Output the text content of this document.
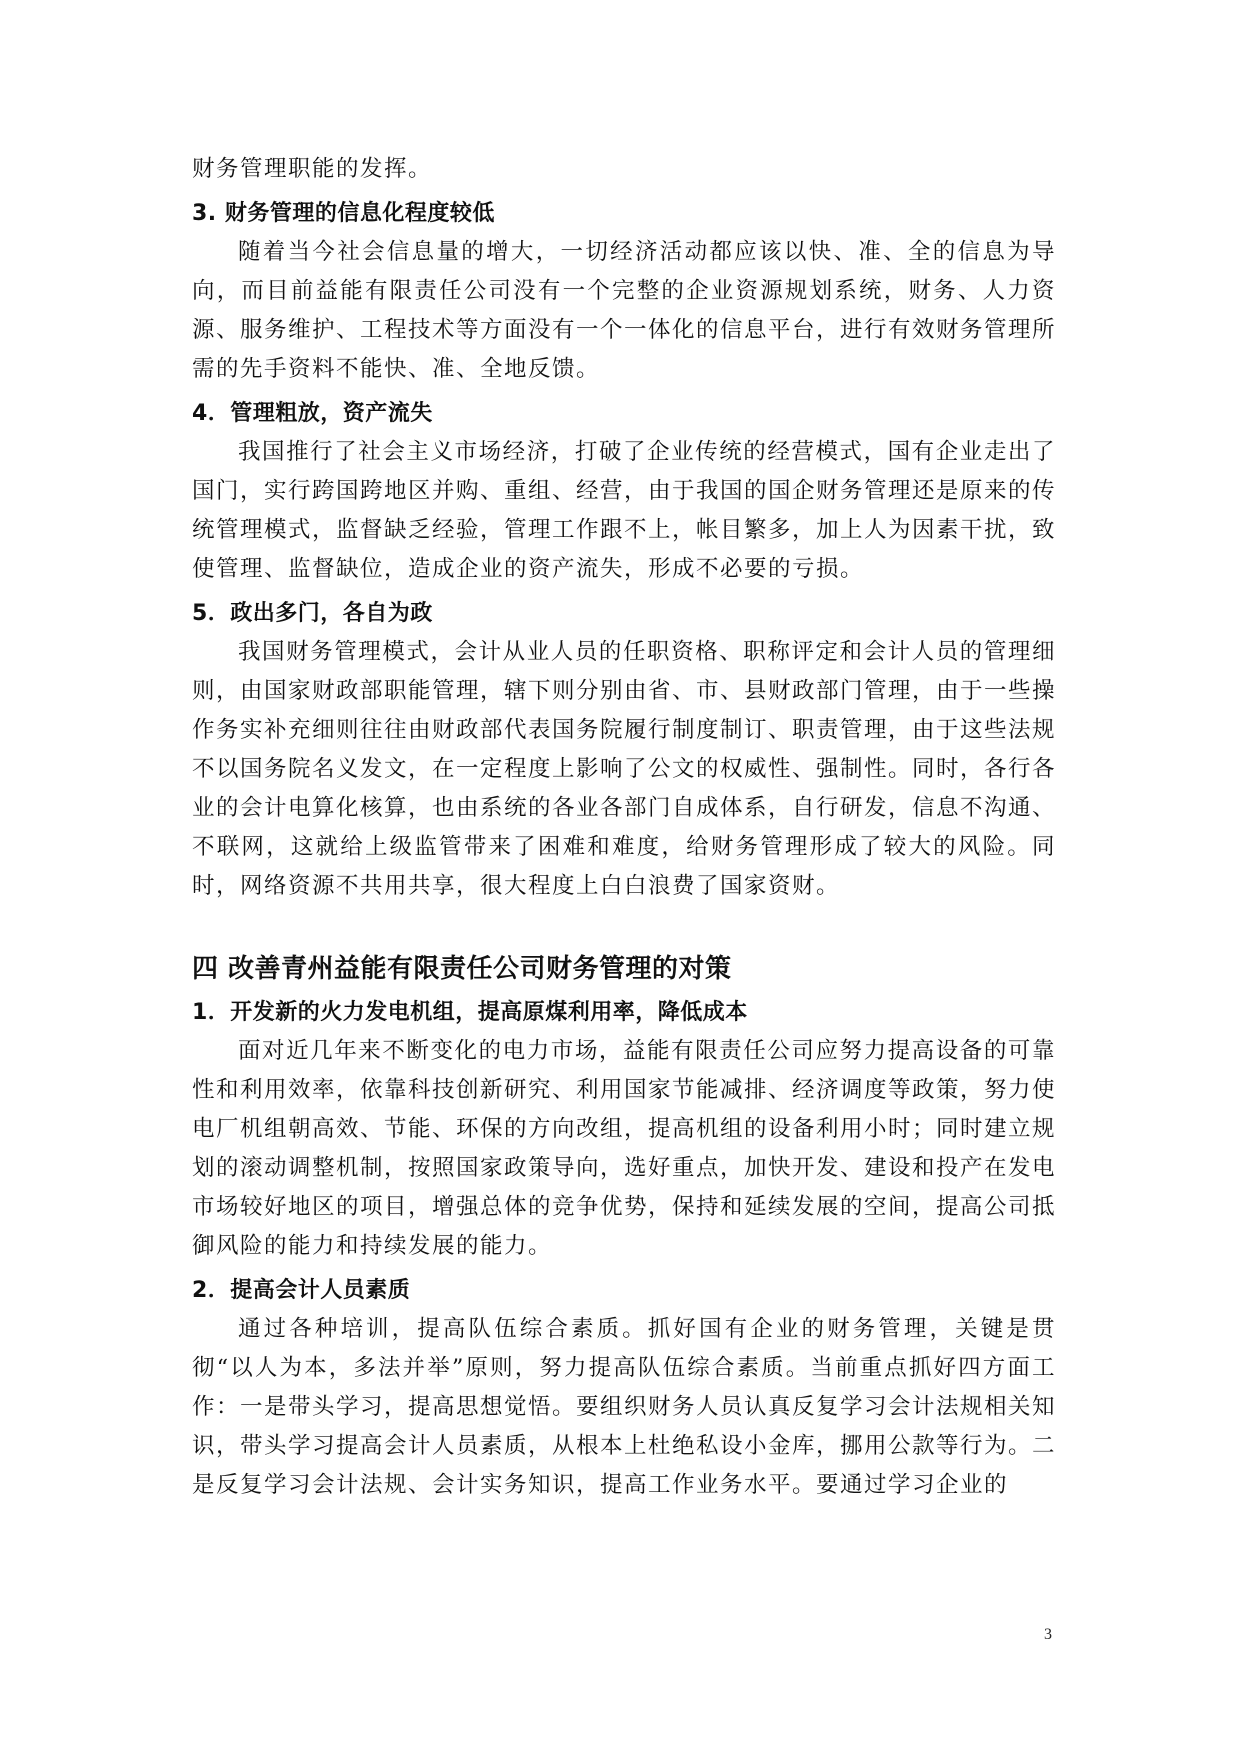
财务管理职能的发挥。

3. 财务管理的信息化程度较低

随着当今社会信息量的增大，一切经济活动都应该以快、准、全的信息为导向，而目前益能有限责任公司没有一个完整的企业资源规划系统，财务、人力资源、服务维护、工程技术等方面没有一个一体化的信息平台，进行有效财务管理所需的先手资料不能快、准、全地反馈。

4．管理粗放，资产流失

我国推行了社会主义市场经济，打破了企业传统的经营模式，国有企业走出了国门，实行跨国跨地区并购、重组、经营，由于我国的国企财务管理还是原来的传统管理模式，监督缺乏经验，管理工作跟不上，帐目繁多，加上人为因素干扰，致使管理、监督缺位，造成企业的资产流失，形成不必要的亏损。

5．政出多门，各自为政

我国财务管理模式，会计从业人员的任职资格、职称评定和会计人员的管理细则，由国家财政部职能管理，辖下则分别由省、市、县财政部门管理，由于一些操作务实补充细则往往由财政部代表国务院履行制度制订、职责管理，由于这些法规不以国务院名义发文，在一定程度上影响了公文的权威性、强制性。同时，各行各业的会计电算化核算，也由系统的各业各部门自成体系，自行研发，信息不沟通、不联网，这就给上级监管带来了困难和难度，给财务管理形成了较大的风险。同时，网络资源不共用共享，很大程度上白白浪费了国家资财。

四 改善青州益能有限责任公司财务管理的对策
1．开发新的火力发电机组，提高原煤利用率，降低成本

面对近几年来不断变化的电力市场，益能有限责任公司应努力提高设备的可靠性和利用效率，依靠科技创新研究、利用国家节能减排、经济调度等政策，努力使电厂机组朝高效、节能、环保的方向改组，提高机组的设备利用小时；同时建立规划的滚动调整机制，按照国家政策导向，选好重点，加快开发、建设和投产在发电市场较好地区的项目，增强总体的竞争优势，保持和延续发展的空间，提高公司抵御风险的能力和持续发展的能力。

2．提高会计人员素质

通过各种培训，提高队伍综合素质。抓好国有企业的财务管理，关键是贯彻“以人为本，多法并举”原则，努力提高队伍综合素质。当前重点抓好四方面工作：一是带头学习，提高思想觉悟。要组织财务人员认真反复学习会计法规相关知识，带头学习提高会计人员素质，从根本上杜绝私设小金库，挪用公款等行为。二是反复学习会计法规、会计实务知识，提高工作业务水平。要通过学习企业的

3
